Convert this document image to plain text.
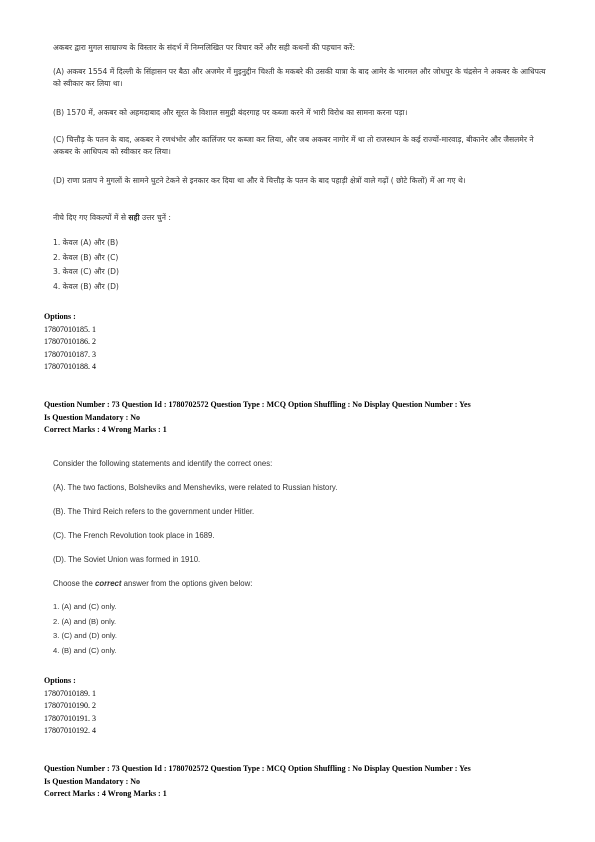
अकबर द्वारा मुगल साम्राज्य के विस्तार के संदर्भ में निम्नलिखित पर विचार करें और सही कथनों की पहचान करें:
(A) अकबर 1554 में दिल्ली के सिंहासन पर बैठा और अजमेर में मुइनुद्दीन चिश्ती के मकबरे की उसकी यात्रा के बाद आमेर के भारमल और जोधपुर के चंद्रसेन ने अकबर के आधिपत्य को स्वीकार कर लिया था।
(B) 1570 में, अकबर को अहमदाबाद और सूरत के विशाल समुद्री बंदरगाह पर कब्जा करने में भारी विरोध का सामना करना पड़ा।
(C) चित्तौड़ के पतन के बाद, अकबर ने रणथंभोर और कालिंजर पर कब्जा कर लिया, और जब अकबर नागोर में था तो राजस्थान के कई राज्यों-मारवाड़, बीकानेर और जैसलमेर ने अकबर के आधिपत्य को स्वीकार कर लिया।
(D) राणा प्रताप ने मुगलों के सामने घुटने टेकने से इनकार कर दिया था और वे चित्तौड़ के पतन के बाद पहाड़ी क्षेत्रों वाले गढ़ों ( छोटे किलों) में आ गए थे।
नीचे दिए गए विकल्पों में से सही उत्तर चुनें :
1. केवल (A) और (B)
2. केवल (B) और (C)
3. केवल (C) और (D)
4. केवल (B) और (D)
Options :
17807010185. 1
17807010186. 2
17807010187. 3
17807010188. 4
Question Number : 73 Question Id : 1780702572 Question Type : MCQ Option Shuffling : No Display Question Number : Yes
Is Question Mandatory : No
Correct Marks : 4 Wrong Marks : 1
Consider the following statements and identify the correct ones:
(A). The two factions, Bolsheviks and Mensheviks, were related to Russian history.
(B). The Third Reich refers to the government under Hitler.
(C). The French Revolution took place in 1689.
(D). The Soviet Union was formed in 1910.
Choose the correct answer from the options given below:
1. (A) and (C) only.
2. (A) and (B) only.
3. (C) and (D) only.
4. (B) and (C) only.
Options :
17807010189. 1
17807010190. 2
17807010191. 3
17807010192. 4
Question Number : 73 Question Id : 1780702572 Question Type : MCQ Option Shuffling : No Display Question Number : Yes
Is Question Mandatory : No
Correct Marks : 4 Wrong Marks : 1
